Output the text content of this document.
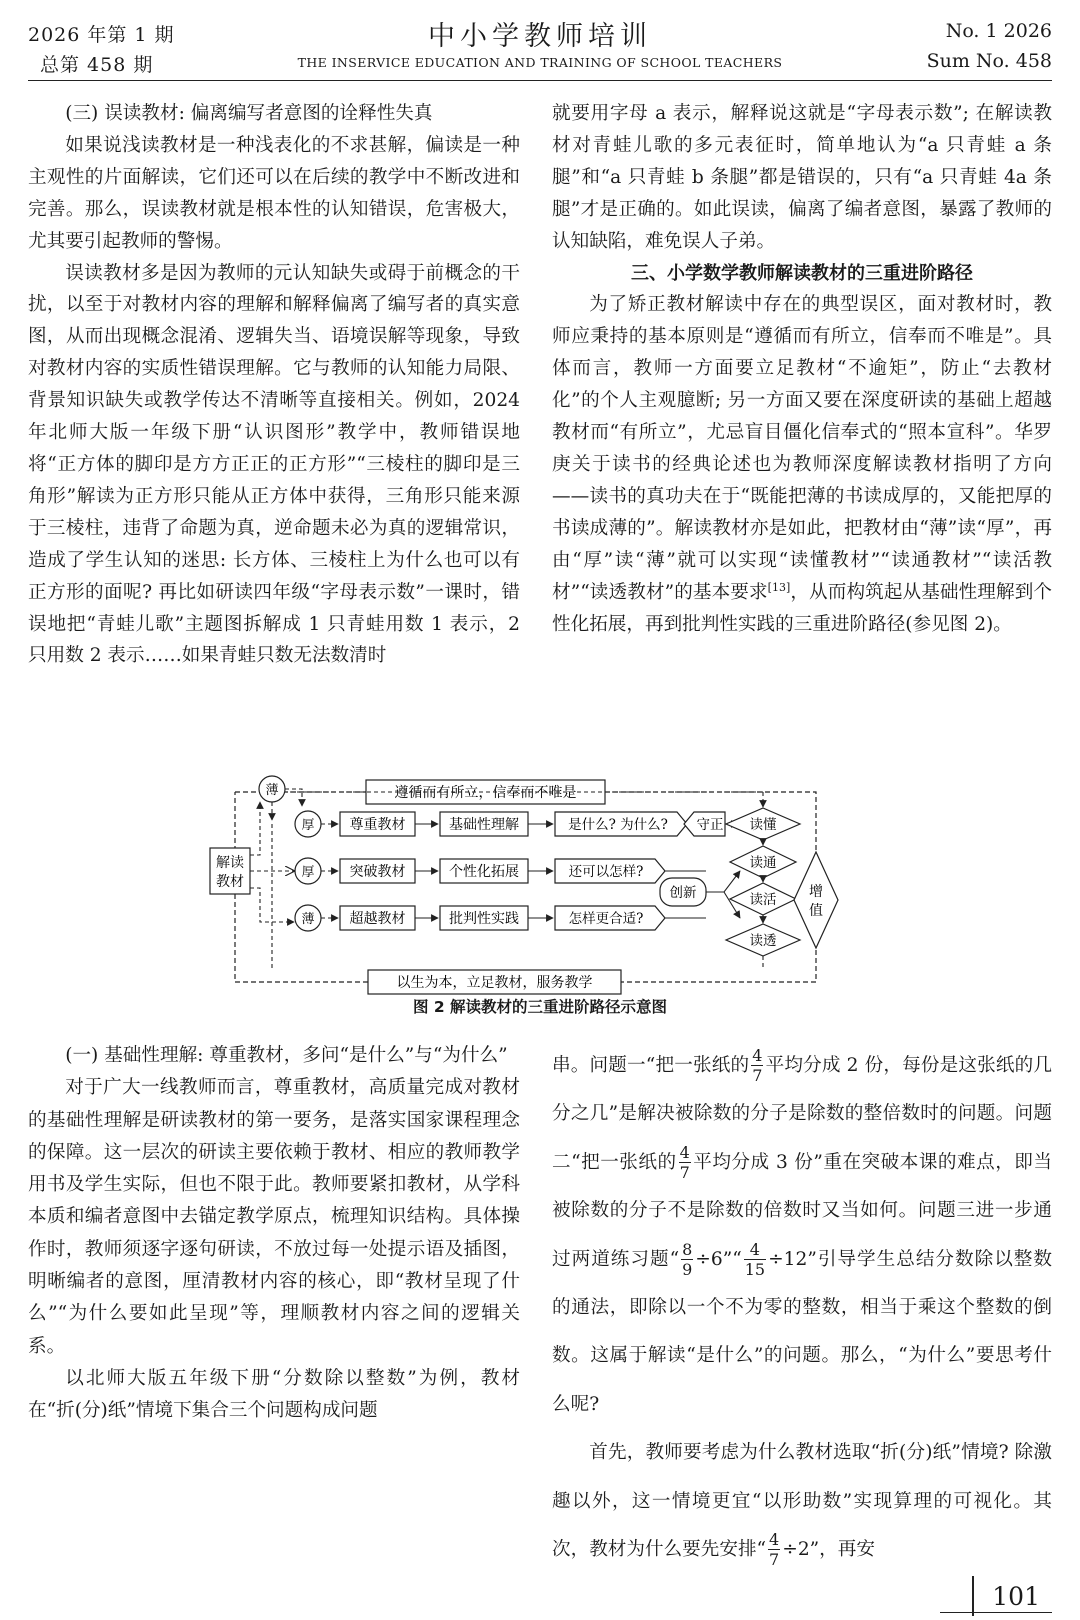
2026 年第 1 期
总第 458 期
中小学教师培训
THE INSERVICE EDUCATION AND TRAINING OF SCHOOL TEACHERS
No. 1 2026
Sum No. 458

(三) 误读教材: 偏离编写者意图的诠释性失真

如果说浅读教材是一种浅表化的不求甚解，偏读是一种主观性的片面解读，它们还可以在后续的教学中不断改进和完善。那么，误读教材就是根本性的认知错误，危害极大，尤其要引起教师的警惕。

误读教材多是因为教师的元认知缺失或碍于前概念的干扰，以至于对教材内容的理解和解释偏离了编写者的真实意图，从而出现概念混淆、逻辑失当、语境误解等现象，导致对教材内容的实质性错误理解。它与教师的认知能力局限、背景知识缺失或教学传达不清晰等直接相关。例如，2024 年北师大版一年级下册“认识图形”教学中，教师错误地将“正方体的脚印是方方正正的正方形”“三棱柱的脚印是三角形”解读为正方形只能从正方体中获得，三角形只能来源于三棱柱，违背了命题为真，逆命题未必为真的逻辑常识，造成了学生认知的迷思: 长方体、三棱柱上为什么也可以有正方形的面呢? 再比如研读四年级“字母表示数”一课时，错误地把“青蛙儿歌”主题图拆解成 1 只青蛙用数 1 表示，2 只用数 2 表示……如果青蛙只数无法数清时

就要用字母 a 表示，解释说这就是“字母表示数”; 在解读教材对青蛙儿歌的多元表征时，简单地认为“a 只青蛙 a 条腿”和“a 只青蛙 b 条腿”都是错误的，只有“a 只青蛙 4a 条腿”才是正确的。如此误读，偏离了编者意图，暴露了教师的认知缺陷，难免误人子弟。

三、小学数学教师解读教材的三重进阶路径

为了矫正教材解读中存在的典型误区，面对教材时，教师应秉持的基本原则是“遵循而有所立，信奉而不唯是”。具体而言，教师一方面要立足教材“不逾矩”，防止“去教材化”的个人主观臆断; 另一方面又要在深度研读的基础上超越教材而“有所立”，尤忌盲目僵化信奉式的“照本宣科”。华罗庚关于读书的经典论述也为教师深度解读教材指明了方向——读书的真功夫在于“既能把薄的书读成厚的，又能把厚的书读成薄的”。解读教材亦是如此，把教材由“薄”读“厚”，再由“厚”读“薄”就可以实现“读懂教材”“读通教材”“读活教材”“读透教材”的基本要求[13]，从而构筑起从基础性理解到个性化拓展，再到批判性实践的三重进阶路径(参见图 2)。

遵循而有所立，信奉而不唯是
以生为本，立足教材，服务教学
解读
教材
薄
厚
厚
薄
尊重教材
突破教材
超越教材
基础性理解
个性化拓展
批判性实践
是什么? 为什么?
还可以怎样?
怎样更合适?
守正
创新
读懂
读通
读活
读透
增
值
图 2 解读教材的三重进阶路径示意图

(一) 基础性理解: 尊重教材，多问“是什么”与“为什么”

对于广大一线教师而言，尊重教材，高质量完成对教材的基础性理解是研读教材的第一要务，是落实国家课程理念的保障。这一层次的研读主要依赖于教材、相应的教师教学用书及学生实际，但也不限于此。教师要紧扣教材，从学科本质和编者意图中去锚定教学原点，梳理知识结构。具体操作时，教师须逐字逐句研读，不放过每一处提示语及插图，明晰编者的意图，厘清教材内容的核心，即“教材呈现了什么”“为什么要如此呈现”等，理顺教材内容之间的逻辑关系。

以北师大版五年级下册“分数除以整数”为例，教材在“折(分)纸”情境下集合三个问题构成问题

串。问题一“把一张纸的 $\frac{4}{7}$ 平均分成 2 份，每份是这张纸的几分之几”是解决被除数的分子是除数的整倍数时的问题。问题二“把一张纸的 $\frac{4}{7}$ 平均分成 3 份”重在突破本课的难点，即当被除数的分子不是除数的倍数时又当如何。问题三进一步通过两道练习题“ $\frac{8}{9}$ ÷6”“ $\frac{4}{15} \div 12$”引导学生总结分数除以整数的通法，即除以一个不为零的整数，相当于乘这个整数的倒数。这属于解读“是什么”的问题。那么，“为什么”要思考什么呢?

首先，教师要考虑为什么教材选取“折(分)纸”情境? 除激趣以外，这一情境更宜“以形助数”实现算理的可视化。其次，教材为什么要先安排“ $\frac{4}{7} \div 2$”，再安

101
